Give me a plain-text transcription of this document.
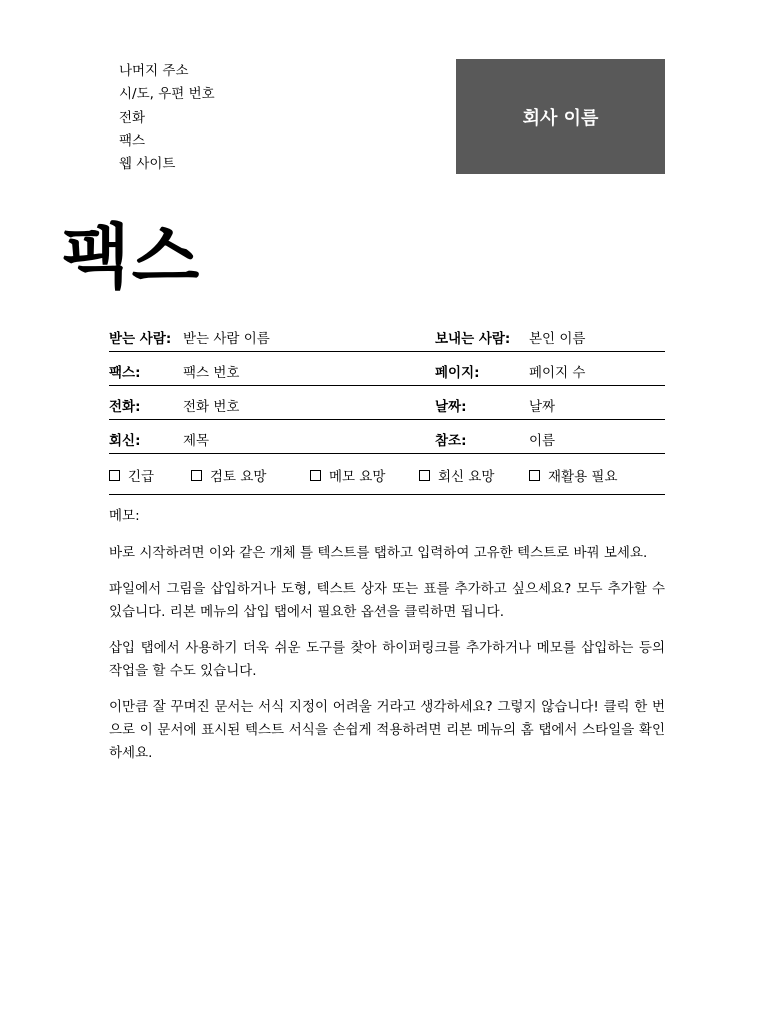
나머지 주소
시/도, 우편 번호
전화
팩스
웹 사이트
회사 이름
팩스
받는 사람: 받는 사람 이름	보내는 사람: 본인 이름
팩스:	팩스 번호	페이지:	페이지 수
전화:	전화 번호	날짜:	날짜
회신:	제목	참조:	이름
긴급	검토 요망	메모 요망	회신 요망	재활용 필요
메모:

바로 시작하려면 이와 같은 개체 틀 텍스트를 탭하고 입력하여 고유한 텍스트로 바꿔 보세요.

파일에서 그림을 삽입하거나 도형, 텍스트 상자 또는 표를 추가하고 싶으세요? 모두 추가할 수 있습니다. 리본 메뉴의 삽입 탭에서 필요한 옵션을 클릭하면 됩니다.

삽입 탭에서 사용하기 더욱 쉬운 도구를 찾아 하이퍼링크를 추가하거나 메모를 삽입하는 등의 작업을 할 수도 있습니다.

이만큼 잘 꾸며진 문서는 서식 지정이 어려울 거라고 생각하세요? 그렇지 않습니다! 클릭 한 번으로 이 문서에 표시된 텍스트 서식을 손쉽게 적용하려면 리본 메뉴의 홈 탭에서 스타일을 확인하세요.
